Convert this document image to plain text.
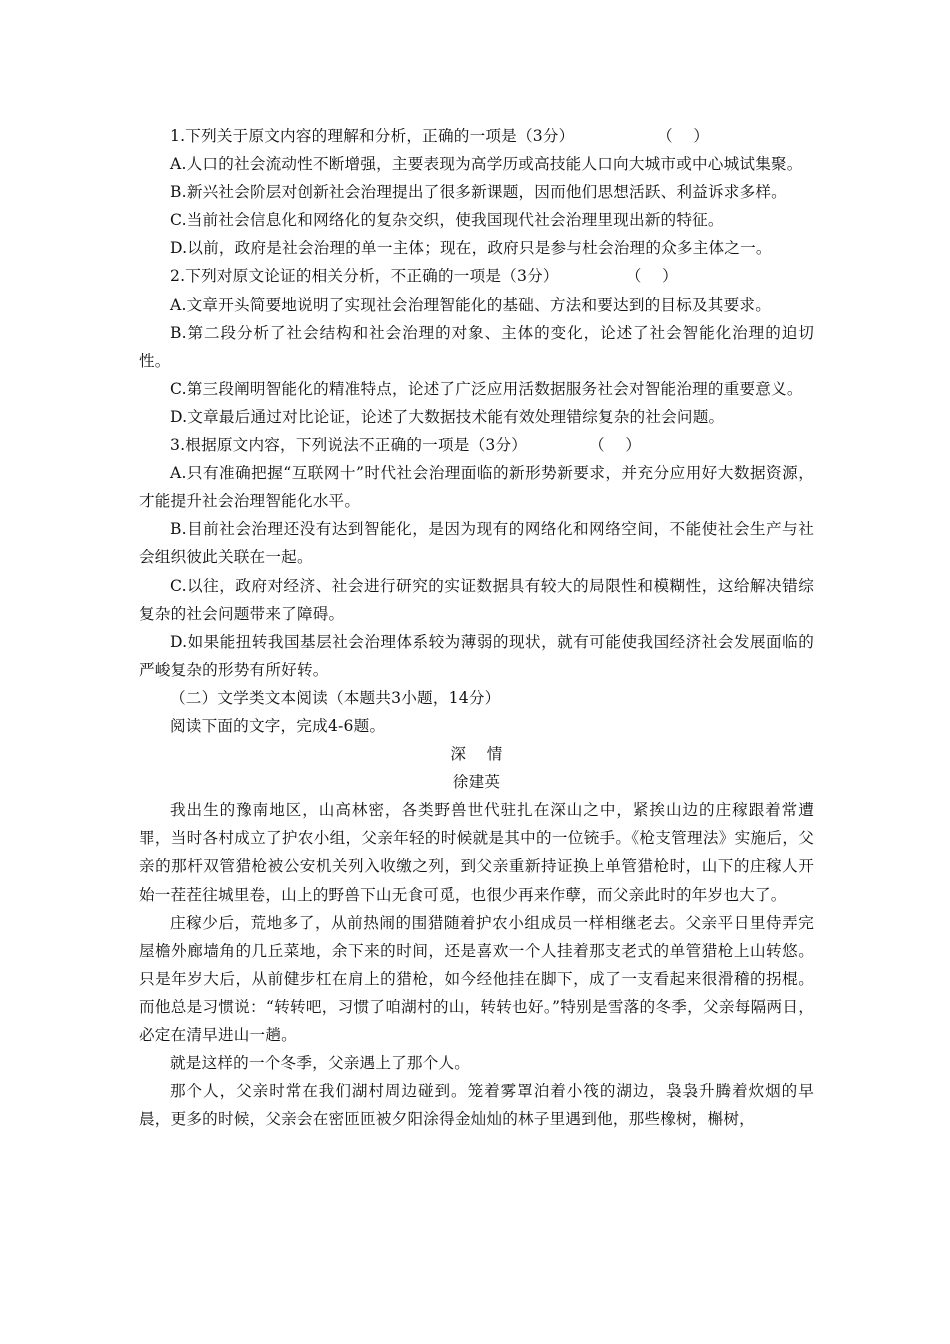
1.下列关于原文内容的理解和分析，正确的一项是（3分）                （    ）

A.人口的社会流动性不断增强，主要表现为高学历或高技能人口向大城市或中心城试集聚。

B.新兴社会阶层对创新社会治理提出了很多新课题，因而他们思想活跃、利益诉求多样。

C.当前社会信息化和网络化的复杂交织，使我国现代社会治理里现出新的特征。

D.以前，政府是社会治理的单一主体；现在，政府只是参与杜会治理的众多主体之一。

2.下列对原文论证的相关分析，不正确的一项是（3分）             （    ）

A.文章开头简要地说明了实现社会治理智能化的基础、方法和要达到的目标及其要求。

B.第二段分析了社会结构和社会治理的对象、主体的变化，论述了社会智能化治理的迫切性。

C.第三段阐明智能化的精准特点，论述了广泛应用活数据服务社会对智能治理的重要意义。

D.文章最后通过对比论证，论述了大数据技术能有效处理错综复杂的社会问题。

3.根据原文内容，下列说法不正确的一项是（3分）            （    ）

A.只有准确把握“互联网十”时代社会治理面临的新形势新要求，并充分应用好大数据资源，才能提升社会治理智能化水平。

B.目前社会治理还没有达到智能化，是因为现有的网络化和网络空间，不能使社会生产与社会组织彼此关联在一起。

C.以往，政府对经济、社会进行研究的实证数据具有较大的局限性和模糊性，这给解决错综复杂的社会问题带来了障碍。

D.如果能扭转我国基层社会治理体系较为薄弱的现状，就有可能使我国经济社会发展面临的严峻复杂的形势有所好转。

（二）文学类文本阅读（本题共3小题，14分）

阅读下面的文字，完成4-6题。

深    情

徐建英

我出生的豫南地区，山高林密，各类野兽世代驻扎在深山之中，紧挨山边的庄稼跟着常遭罪，当时各村成立了护农小组，父亲年轻的时候就是其中的一位铳手。《枪支管理法》实施后，父亲的那杆双管猎枪被公安机关列入收缴之列，到父亲重新持证换上单管猎枪时，山下的庄稼人开始一茬茬往城里卷，山上的野兽下山无食可觅，也很少再来作孽，而父亲此时的年岁也大了。

庄稼少后，荒地多了，从前热闹的围猎随着护农小组成员一样相继老去。父亲平日里侍弄完屋檐外廊墙角的几丘菜地，余下来的时间，还是喜欢一个人挂着那支老式的单管猎枪上山转悠。 只是年岁大后，从前健步杠在肩上的猎枪，如今经他挂在脚下，成了一支看起来很滑稽的拐棍。而他总是习惯说：“转转吧，习惯了咱湖村的山，转转也好。”特别是雪落的冬季，父亲每隔两日，必定在清早进山一趟。

就是这样的一个冬季，父亲遇上了那个人。

那个人，父亲时常在我们湖村周边碰到。笼着雾罩泊着小筏的湖边，袅袅升腾着炊烟的早晨，更多的时候，父亲会在密匝匝被夕阳涂得金灿灿的林子里遇到他，那些橡树，槲树，
